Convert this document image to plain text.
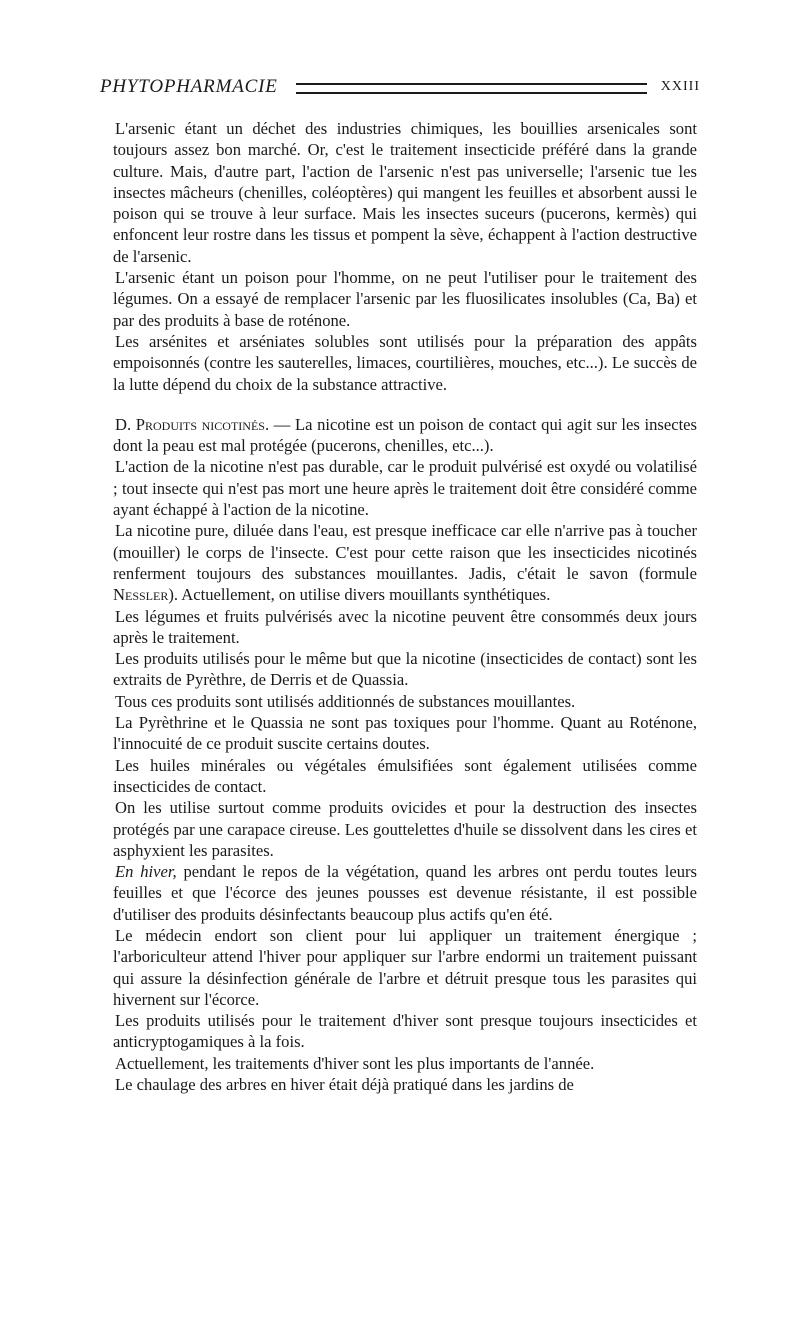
PHYTOPHARMACIE	XXIII

L'arsenic étant un déchet des industries chimiques, les bouillies arsenicales sont toujours assez bon marché. Or, c'est le traitement insecticide préféré dans la grande culture. Mais, d'autre part, l'action de l'arsenic n'est pas universelle; l'arsenic tue les insectes mâcheurs (chenilles, coléoptères) qui mangent les feuilles et absorbent aussi le poison qui se trouve à leur surface. Mais les insectes suceurs (pucerons, kermès) qui enfoncent leur rostre dans les tissus et pompent la sève, échappent à l'action destructive de l'arsenic.

L'arsenic étant un poison pour l'homme, on ne peut l'utiliser pour le traitement des légumes. On a essayé de remplacer l'arsenic par les fluosilicates insolubles (Ca, Ba) et par des produits à base de roténone.

Les arsénites et arséniates solubles sont utilisés pour la préparation des appâts empoisonnés (contre les sauterelles, limaces, courtilières, mouches, etc...). Le succès de la lutte dépend du choix de la substance attractive.

D. Produits nicotinés. — La nicotine est un poison de contact qui agit sur les insectes dont la peau est mal protégée (pucerons, chenilles, etc...).

L'action de la nicotine n'est pas durable, car le produit pulvérisé est oxydé ou volatilisé ; tout insecte qui n'est pas mort une heure après le traitement doit être considéré comme ayant échappé à l'action de la nicotine.

La nicotine pure, diluée dans l'eau, est presque inefficace car elle n'arrive pas à toucher (mouiller) le corps de l'insecte. C'est pour cette raison que les insecticides nicotinés renferment toujours des substances mouillantes. Jadis, c'était le savon (formule Nessler). Actuellement, on utilise divers mouillants synthétiques.

Les légumes et fruits pulvérisés avec la nicotine peuvent être consommés deux jours après le traitement.

Les produits utilisés pour le même but que la nicotine (insecticides de contact) sont les extraits de Pyrèthre, de Derris et de Quassia.

Tous ces produits sont utilisés additionnés de substances mouillantes.

La Pyrèthrine et le Quassia ne sont pas toxiques pour l'homme. Quant au Roténone, l'innocuité de ce produit suscite certains doutes.

Les huiles minérales ou végétales émulsifiées sont également utilisées comme insecticides de contact.

On les utilise surtout comme produits ovicides et pour la destruction des insectes protégés par une carapace cireuse. Les gouttelettes d'huile se dissolvent dans les cires et asphyxient les parasites.

En hiver, pendant le repos de la végétation, quand les arbres ont perdu toutes leurs feuilles et que l'écorce des jeunes pousses est devenue résistante, il est possible d'utiliser des produits désinfectants beaucoup plus actifs qu'en été.

Le médecin endort son client pour lui appliquer un traitement énergique ; l'arboriculteur attend l'hiver pour appliquer sur l'arbre endormi un traitement puissant qui assure la désinfection générale de l'arbre et détruit presque tous les parasites qui hivernent sur l'écorce.

Les produits utilisés pour le traitement d'hiver sont presque toujours insecticides et anticryptogamiques à la fois.

Actuellement, les traitements d'hiver sont les plus importants de l'année.

Le chaulage des arbres en hiver était déjà pratiqué dans les jardins de
